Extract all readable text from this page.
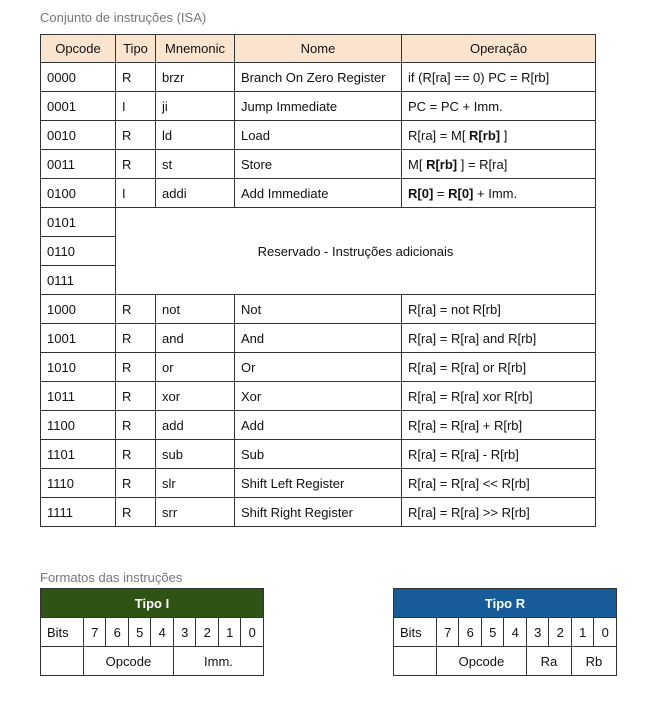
Conjunto de instruções (ISA)
Opcode	Tipo	Mnemonic	Nome	Operação
0000	R	brzr	Branch On Zero Register	if (R[ra] == 0) PC = R[rb]
0001	I	ji	Jump Immediate	PC = PC + Imm.
0010	R	ld	Load	R[ra] = M[ R[rb] ]
0011	R	st	Store	M[ R[rb] ] = R[ra]
0100	I	addi	Add Immediate	R[0] = R[0] + Imm.
0101	Reservado - Instruções adicionais			
0110				
0111				
1000	R	not	Not	R[ra] = not R[rb]
1001	R	and	And	R[ra] = R[ra] and R[rb]
1010	R	or	Or	R[ra] = R[ra] or R[rb]
1011	R	xor	Xor	R[ra] = R[ra] xor R[rb]
1100	R	add	Add	R[ra] = R[ra] + R[rb]
1101	R	sub	Sub	R[ra] = R[ra] - R[rb]
1110	R	slr	Shift Left Register	R[ra] = R[ra] << R[rb]
1111	R	srr	Shift Right Register	R[ra] = R[ra] >> R[rb]
Formatos das instruções
Tipo I								
Bits	7	6	5	4	3	2	1	0
	Opcode				Imm.			
Tipo R								
Bits	7	6	5	4	3	2	1	0
	Opcode				Ra		Rb	
